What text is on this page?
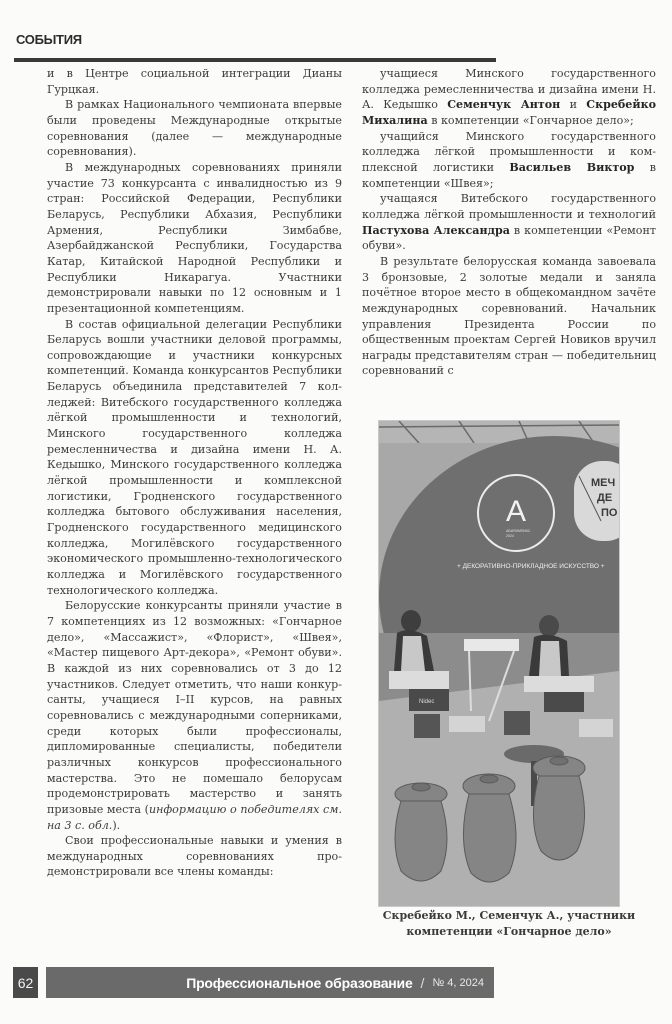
СОБЫТИЯ

и в Центре социальной интеграции Дианы Гурцкая.

В рамках Национального чемпионата впервые были проведены Международные открытые соревнования (далее — международные соревнования).

В международных соревнованиях приняли участие 73 конкурсанта с инвалидностью из 9 стран: Российской Федерации, Республики Беларусь, Республики Абхазия, Республики Армения, Республики Зимбабве, Азербайджанской Республики, Государства Катар, Китайской Народной Республики и Республики Никарагуа. Участники демонстрировали навыки по 12 основным и 1 презентационной компетенциям.

В состав официальной делегации Республики Беларусь вошли участники деловой программы, сопровождающие и участники конкурсных компетенций. Команда конкурсантов Республики Беларусь объединила представителей 7 колледжей: Витебского государственного колледжа лёгкой промышленности и технологий, Минского государственного колледжа ремесленничества и дизайна имени Н. А. Кедышко, Минского государственного колледжа лёгкой промышленности и комплексной логистики, Гродненского государственного колледжа бытового обслуживания населения, Гродненского государственного медицинского колледжа, Могилёвского государственного экономического промышленно-технологического колледжа и Могилёвского государственного технологического колледжа.

Белорусские конкурсанты приняли участие в 7 компетенциях из 12 возможных: «Гончарное дело», «Массажист», «Флорист», «Швея», «Мастер пищевого Арт-декора», «Ремонт обуви». В каждой из них соревновались от 3 до 12 участников. Следует отметить, что наши конкурсанты, учащиеся I–II курсов, на равных соревновались с международными соперниками, среди которых были профессионалы, дипломированные специалисты, победители различных конкурсов профессионального мастерства. Это не помешало белорусам продемонстрировать мастерство и занять призовые места (информацию о победителях см. на 3 с. обл.).

Свои профессиональные навыки и умения в международных соревнованиях продемонстрировали все члены команды:

учащиеся Минского государственного колледжа ремесленничества и дизайна имени Н. А. Кедышко Семенчук Антон и Скребейко Михалина в компетенции «Гончарное дело»;

учащийся Минского государственного колледжа лёгкой промышленности и комплексной логистики Васильев Виктор в компетенции «Швея»;

учащаяся Витебского государственного колледжа лёгкой промышленности и технологий Пастухова Александра в компетенции «Ремонт обуви».

В результате белорусская команда завоевала 3 бронзовые, 2 золотые медали и заняла почётное второе место в общекомандном зачёте международных соревнований. Начальник управления Президента России по общественным проектам Сергей Новиков вручил награды представителям стран — победительниц соревнований с

A
АБИЛИМПИКС
2024
+ ДЕКОРАТИВНО-ПРИКЛАДНОЕ ИСКУССТВО +
МЕЧ
ДЕ
ПО
Nidec
Скребейко М., Семенчук А., участники
компетенции «Гончарное дело»
62	Профессиональное образование / № 4, 2024
